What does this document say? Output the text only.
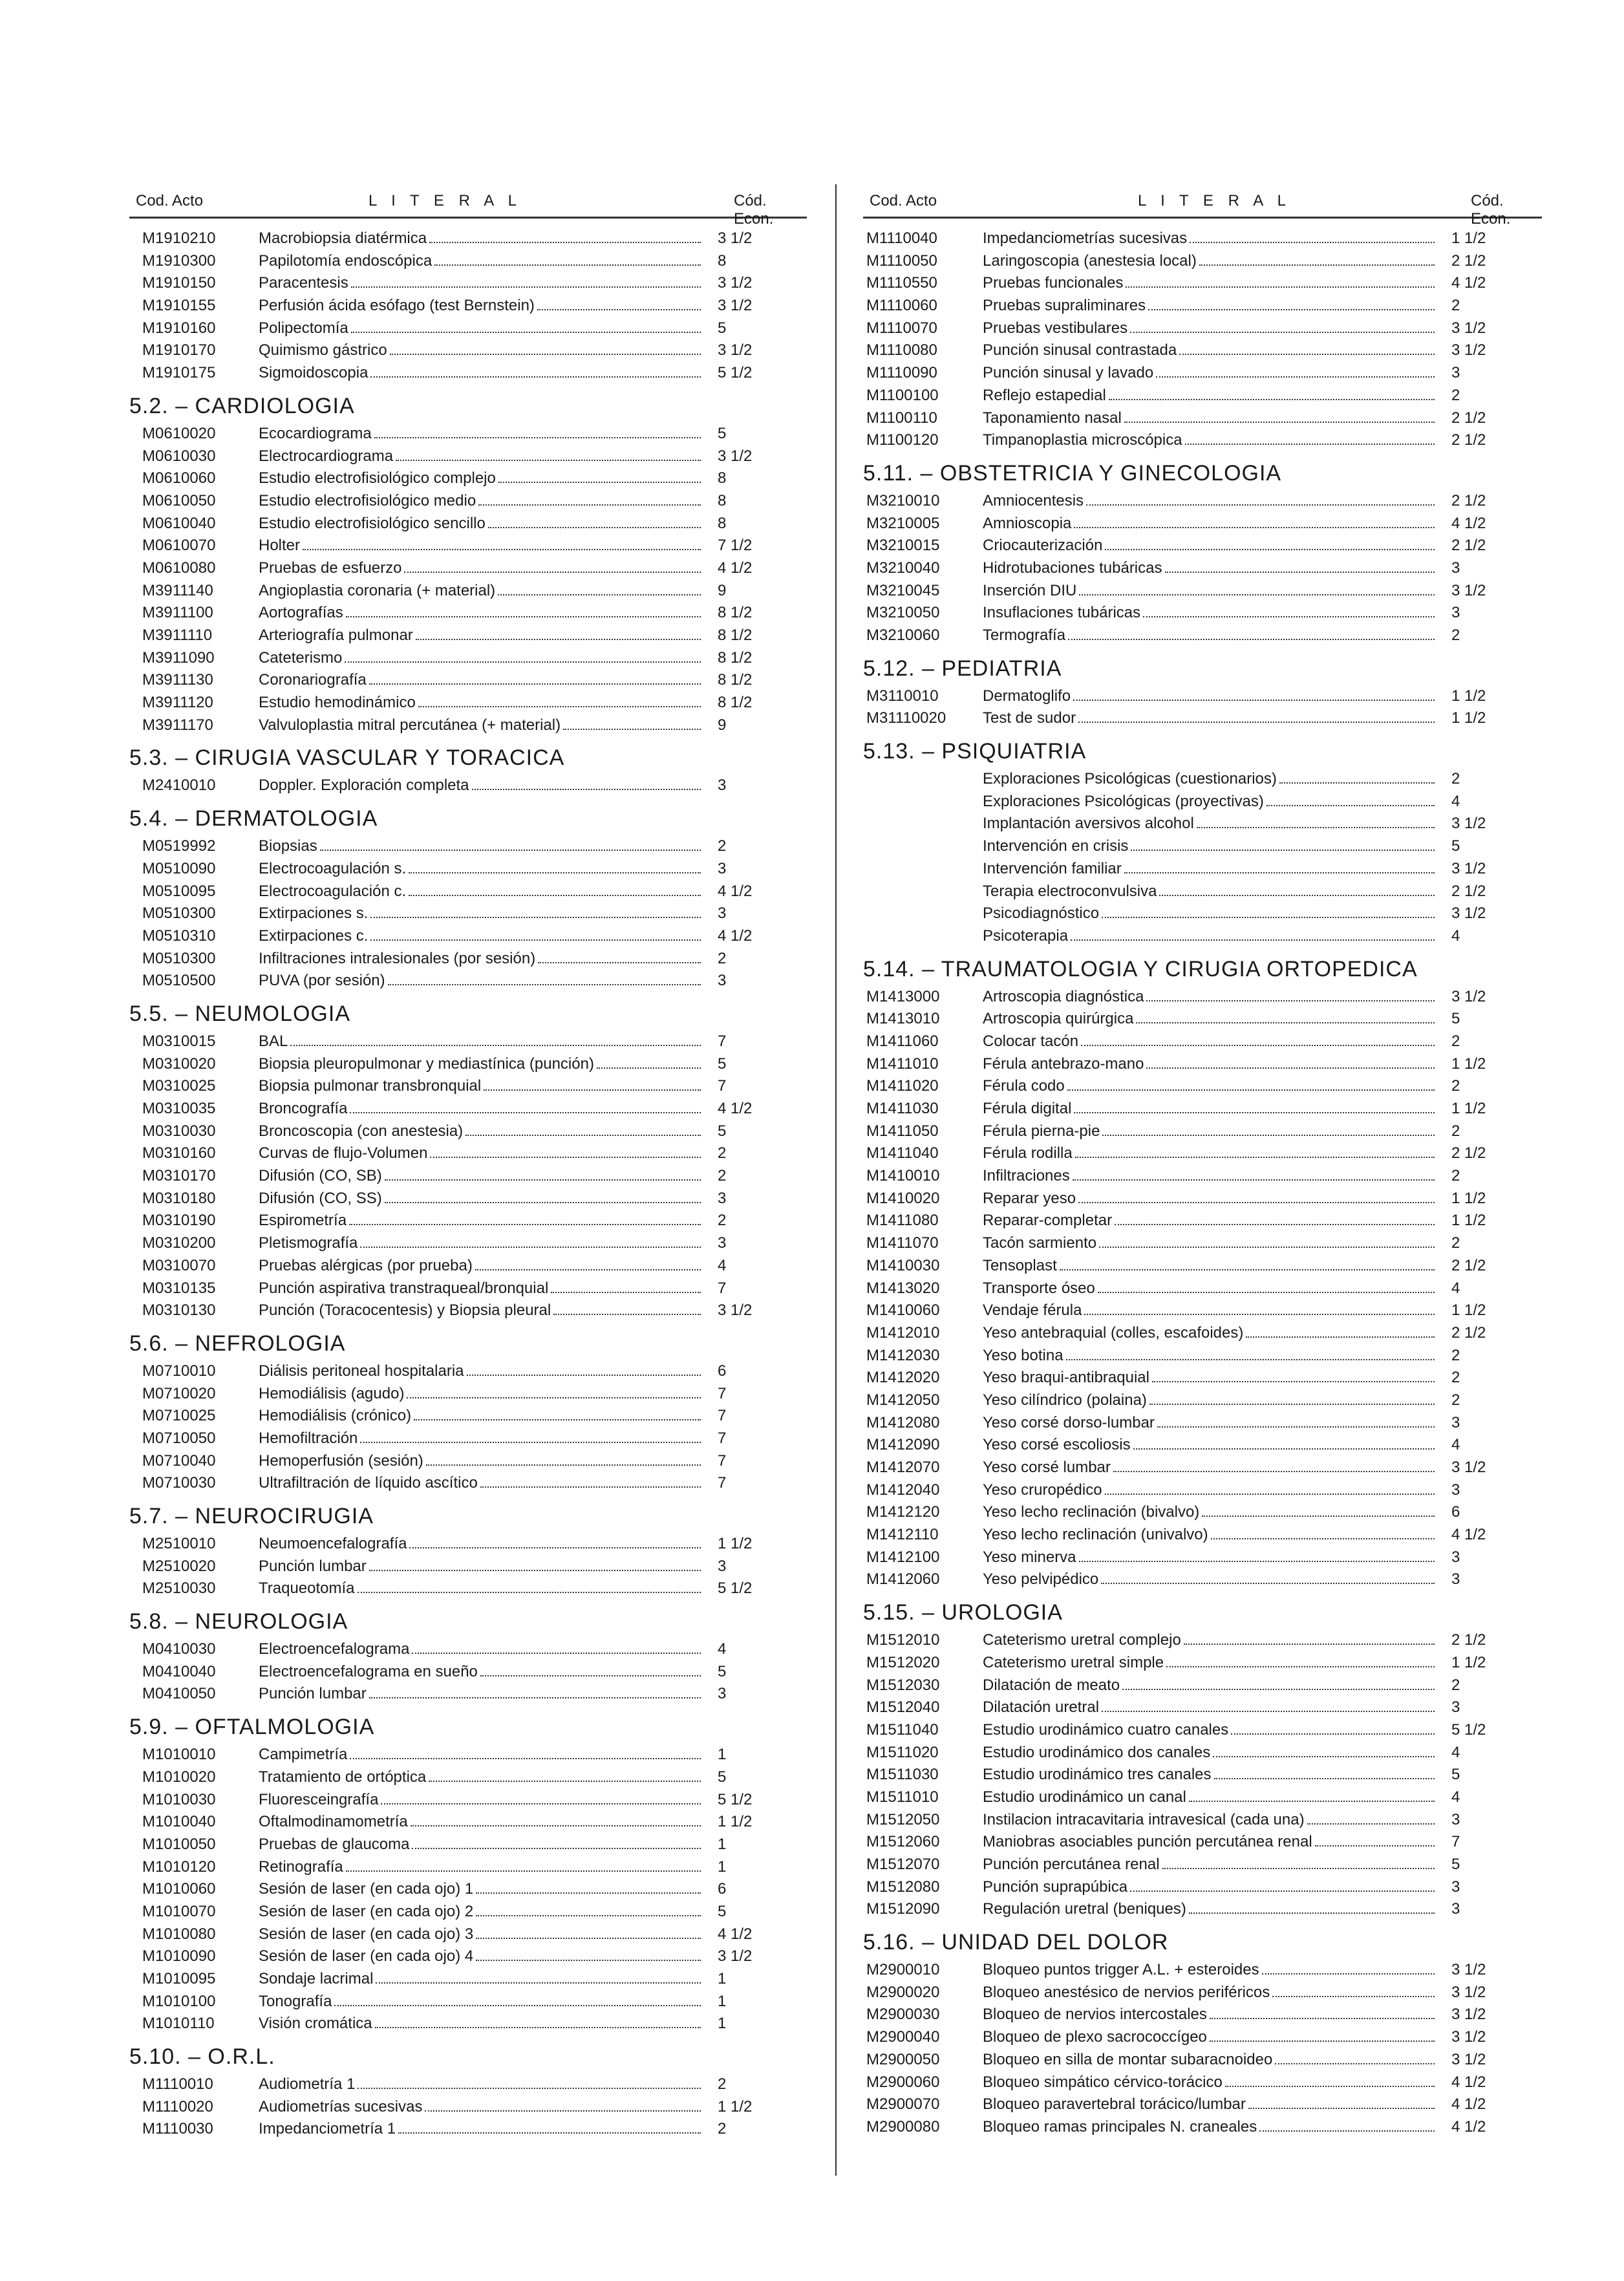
Cod. Acto	L I T E R A L	Cód. Econ.
M1910210	Macrobiopsia diatérmica	3 1/2
M1910300	Papilotomía endoscópica	8
M1910150	Paracentesis	3 1/2
M1910155	Perfusión ácida esófago (test Bernstein)	3 1/2
M1910160	Polipectomía	5
M1910170	Quimismo gástrico	3 1/2
M1910175	Sigmoidoscopia	5 1/2
5.2. – CARDIOLOGIA
M0610020	Ecocardiograma	5
M0610030	Electrocardiograma	3 1/2
M0610060	Estudio electrofisiológico complejo	8
M0610050	Estudio electrofisiológico medio	8
M0610040	Estudio electrofisiológico sencillo	8
M0610070	Holter	7 1/2
M0610080	Pruebas de esfuerzo	4 1/2
M3911140	Angioplastia coronaria (+ material)	9
M3911100	Aortografías	8 1/2
M3911110	Arteriografía pulmonar	8 1/2
M3911090	Cateterismo	8 1/2
M3911130	Coronariografía	8 1/2
M3911120	Estudio hemodinámico	8 1/2
M3911170	Valvuloplastia mitral percutánea (+ material)	9
5.3. – CIRUGIA VASCULAR Y TORACICA
M2410010	Doppler. Exploración completa	3
5.4. – DERMATOLOGIA
M0519992	Biopsias	2
M0510090	Electrocoagulación s.	3
M0510095	Electrocoagulación c.	4 1/2
M0510300	Extirpaciones s.	3
M0510310	Extirpaciones c.	4 1/2
M0510300	Infiltraciones intralesionales (por sesión)	2
M0510500	PUVA (por sesión)	3
5.5. – NEUMOLOGIA
M0310015	BAL	7
M0310020	Biopsia pleuropulmonar y mediastínica (punción)	5
M0310025	Biopsia pulmonar transbronquial	7
M0310035	Broncografía	4 1/2
M0310030	Broncoscopia (con anestesia)	5
M0310160	Curvas de flujo-Volumen	2
M0310170	Difusión (CO, SB)	2
M0310180	Difusión (CO, SS)	3
M0310190	Espirometría	2
M0310200	Pletismografía	3
M0310070	Pruebas alérgicas (por prueba)	4
M0310135	Punción aspirativa transtraqueal/bronquial	7
M0310130	Punción (Toracocentesis) y Biopsia pleural	3 1/2
5.6. – NEFROLOGIA
M0710010	Diálisis peritoneal hospitalaria	6
M0710020	Hemodiálisis (agudo)	7
M0710025	Hemodiálisis (crónico)	7
M0710050	Hemofiltración	7
M0710040	Hemoperfusión (sesión)	7
M0710030	Ultrafiltración de líquido ascítico	7
5.7. – NEUROCIRUGIA
M2510010	Neumoencefalografía	1 1/2
M2510020	Punción lumbar	3
M2510030	Traqueotomía	5 1/2
5.8. – NEUROLOGIA
M0410030	Electroencefalograma	4
M0410040	Electroencefalograma en sueño	5
M0410050	Punción lumbar	3
5.9. – OFTALMOLOGIA
M1010010	Campimetría	1
M1010020	Tratamiento de ortóptica	5
M1010030	Fluoresceingrafía	5 1/2
M1010040	Oftalmodinamometría	1 1/2
M1010050	Pruebas de glaucoma	1
M1010120	Retinografía	1
M1010060	Sesión de laser (en cada ojo) 1	6
M1010070	Sesión de laser (en cada ojo) 2	5
M1010080	Sesión de laser (en cada ojo) 3	4 1/2
M1010090	Sesión de laser (en cada ojo) 4	3 1/2
M1010095	Sondaje lacrimal	1
M1010100	Tonografía	1
M1010110	Visión cromática	1
5.10. – O.R.L.
M1110010	Audiometría 1	2
M1110020	Audiometrías sucesivas	1 1/2
M1110030	Impedanciometría 1	2
Cod. Acto	L I T E R A L	Cód. Econ.
M1110040	Impedanciometrías sucesivas	1 1/2
M1110050	Laringoscopia (anestesia local)	2 1/2
M1110550	Pruebas funcionales	4 1/2
M1110060	Pruebas supraliminares	2
M1110070	Pruebas vestibulares	3 1/2
M1110080	Punción sinusal contrastada	3 1/2
M1110090	Punción sinusal y lavado	3
M1100100	Reflejo estapedial	2
M1100110	Taponamiento nasal	2 1/2
M1100120	Timpanoplastia micro‌scópica	2 1/2
5.11. – OBSTETRICIA Y GINECOLOGIA
M3210010	Amniocentesis	2 1/2
M3210005	Amnioscopia	4 1/2
M3210015	Criocauterización	2 1/2
M3210040	Hidrotubaciones tubáricas	3
M3210045	Inserción DIU	3 1/2
M3210050	Insuflaciones tubáricas	3
M3210060	Termografía	2
5.12. – PEDIATRIA
M3110010	Dermatoglifo	1 1/2
M31110020	Test de sudor	1 1/2
5.13. – PSIQUIATRIA
Exploraciones Psicológicas (cuestionarios)	2
Exploraciones Psicológicas (proyectivas)	4
Implantación aversivos alcohol	3 1/2
Intervención en crisis	5
Intervención familiar	3 1/2
Terapia electroconvulsiva	2 1/2
Psicodiagnóstico	3 1/2
Psicoterapia	4
5.14. – TRAUMATOLOGIA Y CIRUGIA ORTOPEDICA
M1413000	Artroscopia diagnóstica	3 1/2
M1413010	Artroscopia quirúrgica	5
M1411060	Colocar tacón	2
M1411010	Férula antebrazo-mano	1 1/2
M1411020	Férula codo	2
M1411030	Férula digital	1 1/2
M1411050	Férula pierna-pie	2
M1411040	Férula rodilla	2 1/2
M1410010	Infiltraciones	2
M1410020	Reparar yeso	1 1/2
M1411080	Reparar-completar	1 1/2
M1411070	Tacón sarmiento	2
M1410030	Tensoplast	2 1/2
M1413020	Transporte óseo	4
M1410060	Vendaje férula	1 1/2
M1412010	Yeso antebraquial (colles, escafoides)	2 1/2
M1412030	Yeso botina	2
M1412020	Yeso braqui-antibraquial	2
M1412050	Yeso cilíndrico (polaina)	2
M1412080	Yeso corsé dorso-lumbar	3
M1412090	Yeso corsé escoliosis	4
M1412070	Yeso corsé lumbar	3 1/2
M1412040	Yeso cruropédico	3
M1412120	Yeso lecho reclinación (bivalvo)	6
M1412110	Yeso lecho reclinación (univalvo)	4 1/2
M1412100	Yeso minerva	3
M1412060	Yeso pelvipédico	3
5.15. – UROLOGIA
M1512010	Cateterismo uretral complejo	2 1/2
M1512020	Cateterismo uretral simple	1 1/2
M1512030	Dilatación de meato	2
M1512040	Dilatación uretral	3
M1511040	Estudio urodinámico cuatro canales	5 1/2
M1511020	Estudio urodinámico dos canales	4
M1511030	Estudio urodinámico tres canales	5
M1511010	Estudio urodinámico un canal	4
M1512050	Instilacion intracavitaria intravesical (cada una)	3
M1512060	Maniobras asociables punción percutánea renal	7
M1512070	Punción percutánea renal	5
M1512080	Punción suprapúbica	3
M1512090	Regulación uretral (beniques)	3
5.16. – UNIDAD DEL DOLOR
M2900010	Bloqueo puntos trigger A.L. + esteroides	3 1/2
M2900020	Bloqueo anestésico de nervios periféricos	3 1/2
M2900030	Bloqueo de nervios intercostales	3 1/2
M2900040	Bloqueo de plexo sacrococcígeo	3 1/2
M2900050	Bloqueo en silla de montar subaracnoideo	3 1/2
M2900060	Bloqueo simpático cérvico-torácico	4 1/2
M2900070	Bloqueo paravertebral torácico/lumbar	4 1/2
M2900080	Bloqueo ramas principales N. craneales	4 1/2
